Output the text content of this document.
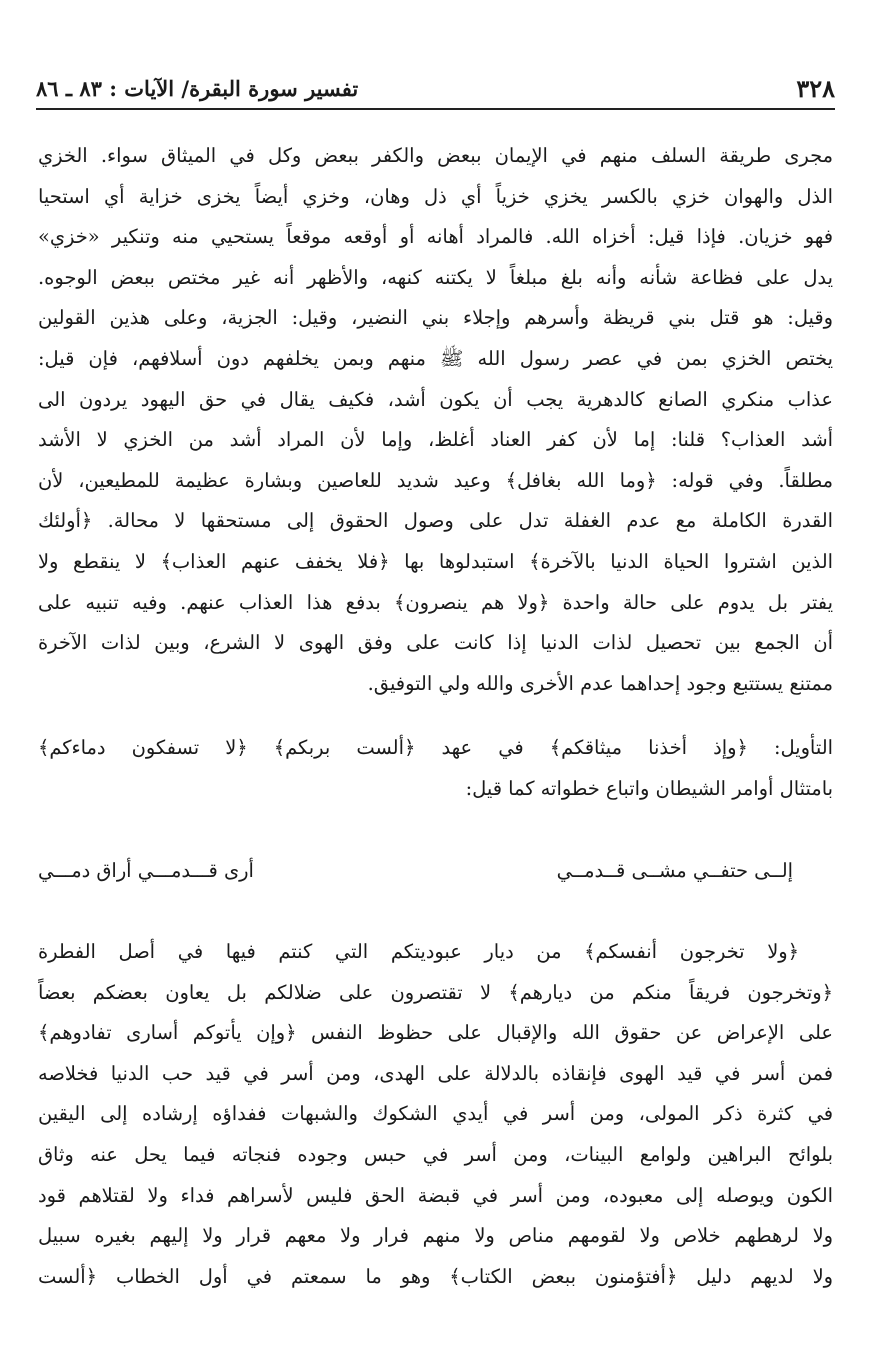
تفسير سورة البقرة/ الآيات : ٨٣ ـ ٨٦	٣٢٨
مجرى طريقة السلف منهم في الإيمان ببعض والكفر ببعض وكل في الميثاق سواء. الخزي
الذل والهوان خزي بالكسر يخزي خزياً أي ذل وهان، وخزي أيضاً يخزى خزاية أي استحيا
فهو خزيان. فإذا قيل: أخزاه الله. فالمراد أهانه أو أوقعه موقعاً يستحيي منه وتنكير «خزي»
يدل على فظاعة شأنه وأنه بلغ مبلغاً لا يكتنه كنهه، والأظهر أنه غير مختص ببعض الوجوه.
وقيل: هو قتل بني قريظة وأسرهم وإجلاء بني النضير، وقيل: الجزية، وعلى هذين القولين
يختص الخزي بمن في عصر رسول الله ﷺ منهم وبمن يخلفهم دون أسلافهم، فإن قيل:
عذاب منكري الصانع كالدهرية يجب أن يكون أشد، فكيف يقال في حق اليهود يردون الى
أشد العذاب؟ قلنا: إما لأن كفر العناد أغلظ، وإما لأن المراد أشد من الخزي لا الأشد
مطلقاً. وفي قوله: ﴿وما الله بغافل﴾ وعيد شديد للعاصين وبشارة عظيمة للمطيعين، لأن
القدرة الكاملة مع عدم الغفلة تدل على وصول الحقوق إلى مستحقها لا محالة. ﴿أولئك
الذين اشتروا الحياة الدنيا بالآخرة﴾ استبدلوها بها ﴿فلا يخفف عنهم العذاب﴾ لا ينقطع ولا
يفتر بل يدوم على حالة واحدة ﴿ولا هم ينصرون﴾ بدفع هذا العذاب عنهم. وفيه تنبيه على
أن الجمع بين تحصيل لذات الدنيا إذا كانت على وفق الهوى لا الشرع، وبين لذات الآخرة
ممتنع يستتبع وجود إحداهما عدم الأخرى والله ولي التوفيق.
التأويل: ﴿وإذ أخذنا ميثاقكم﴾ في عهد ﴿ألست بربكم﴾ ﴿لا تسفكون دماءكم﴾
بامتثال أوامر الشيطان واتباع خطواته كما قيل:
إلــى حتفــي مشــى قــدمــي
أرى قـــدمـــي أراق دمـــي
﴿ولا تخرجون أنفسكم﴾ من ديار عبوديتكم التي كنتم فيها في أصل الفطرة
﴿وتخرجون فريقاً منكم من ديارهم﴾ لا تقتصرون على ضلالكم بل يعاون بعضكم بعضاً
على الإعراض عن حقوق الله والإقبال على حظوظ النفس ﴿وإن يأتوكم أسارى تفادوهم﴾
فمن أسر في قيد الهوى فإنقاذه بالدلالة على الهدى، ومن أسر في قيد حب الدنيا فخلاصه
في كثرة ذكر المولى، ومن أسر في أيدي الشكوك والشبهات ففداؤه إرشاده إلى اليقين
بلوائح البراهين ولوامع البينات، ومن أسر في حبس وجوده فنجاته فيما يحل عنه وثاق
الكون ويوصله إلى معبوده، ومن أسر في قبضة الحق فليس لأسراهم فداء ولا لقتلاهم قود
ولا لرهطهم خلاص ولا لقومهم مناص ولا منهم فرار ولا معهم قرار ولا إليهم بغيره سبيل
ولا لديهم دليل ﴿أفتؤمنون ببعض الكتاب﴾ وهو ما سمعتم في أول الخطاب ﴿ألست
